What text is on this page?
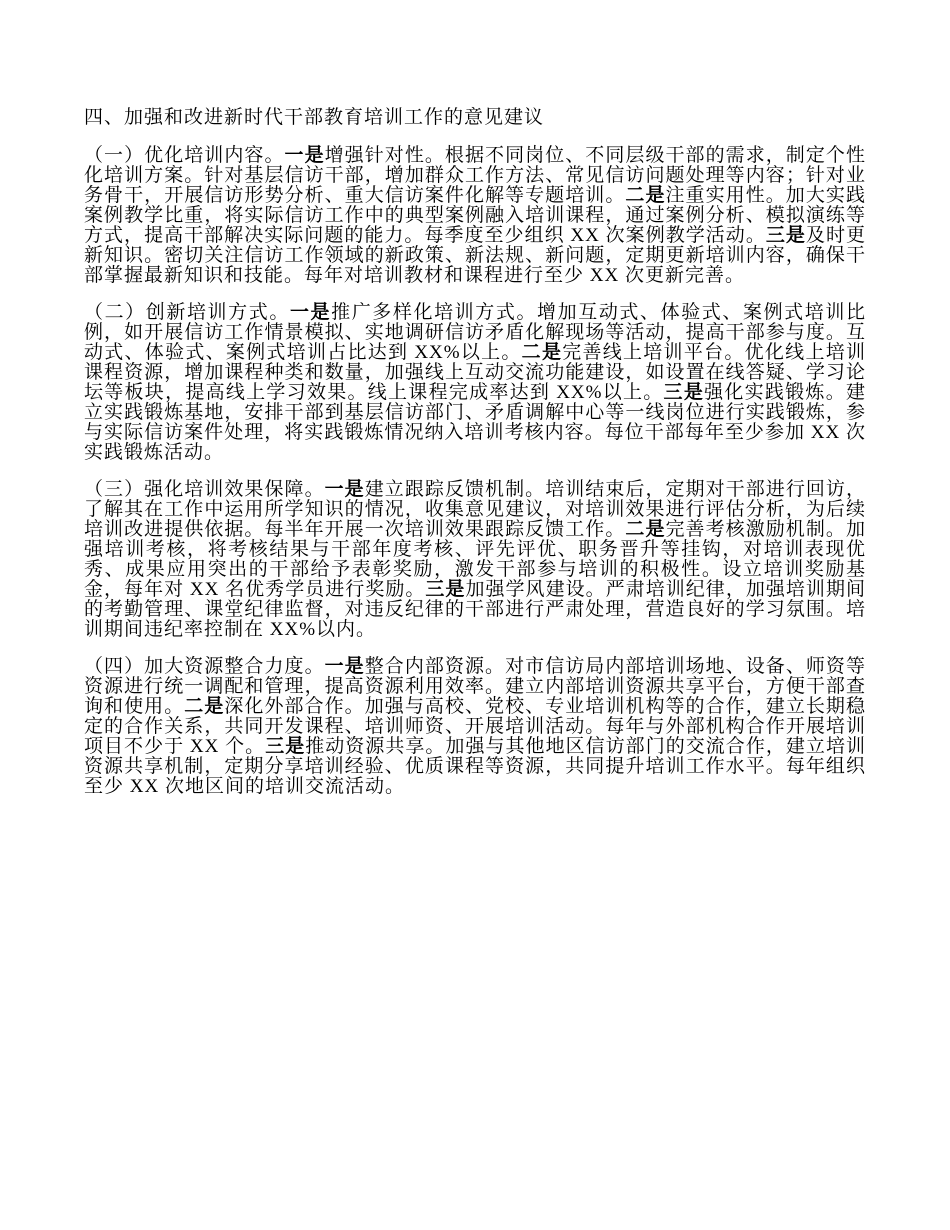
四、加强和改进新时代干部教育培训工作的意见建议

（一）优化培训内容。一是增强针对性。根据不同岗位、不同层级干部的需求，制定个性化培训方案。针对基层信访干部，增加群众工作方法、常见信访问题处理等内容；针对业务骨干，开展信访形势分析、重大信访案件化解等专题培训。二是注重实用性。加大实践案例教学比重，将实际信访工作中的典型案例融入培训课程，通过案例分析、模拟演练等方式，提高干部解决实际问题的能力。每季度至少组织 XX 次案例教学活动。三是及时更新知识。密切关注信访工作领域的新政策、新法规、新问题，定期更新培训内容，确保干部掌握最新知识和技能。每年对培训教材和课程进行至少 XX 次更新完善。

（二）创新培训方式。一是推广多样化培训方式。增加互动式、体验式、案例式培训比例，如开展信访工作情景模拟、实地调研信访矛盾化解现场等活动，提高干部参与度。互动式、体验式、案例式培训占比达到 XX%以上。二是完善线上培训平台。优化线上培训课程资源，增加课程种类和数量，加强线上互动交流功能建设，如设置在线答疑、学习论坛等板块，提高线上学习效果。线上课程完成率达到 XX%以上。三是强化实践锻炼。建立实践锻炼基地，安排干部到基层信访部门、矛盾调解中心等一线岗位进行实践锻炼，参与实际信访案件处理，将实践锻炼情况纳入培训考核内容。每位干部每年至少参加 XX 次实践锻炼活动。

（三）强化培训效果保障。一是建立跟踪反馈机制。培训结束后，定期对干部进行回访，了解其在工作中运用所学知识的情况，收集意见建议，对培训效果进行评估分析，为后续培训改进提供依据。每半年开展一次培训效果跟踪反馈工作。二是完善考核激励机制。加强培训考核，将考核结果与干部年度考核、评先评优、职务晋升等挂钩，对培训表现优秀、成果应用突出的干部给予表彰奖励，激发干部参与培训的积极性。设立培训奖励基金，每年对 XX 名优秀学员进行奖励。三是加强学风建设。严肃培训纪律，加强培训期间的考勤管理、课堂纪律监督，对违反纪律的干部进行严肃处理，营造良好的学习氛围。培训期间违纪率控制在 XX%以内。

（四）加大资源整合力度。一是整合内部资源。对市信访局内部培训场地、设备、师资等资源进行统一调配和管理，提高资源利用效率。建立内部培训资源共享平台，方便干部查询和使用。二是深化外部合作。加强与高校、党校、专业培训机构等的合作，建立长期稳定的合作关系，共同开发课程、培训师资、开展培训活动。每年与外部机构合作开展培训项目不少于 XX 个。三是推动资源共享。加强与其他地区信访部门的交流合作，建立培训资源共享机制，定期分享培训经验、优质课程等资源，共同提升培训工作水平。每年组织至少 XX 次地区间的培训交流活动。
